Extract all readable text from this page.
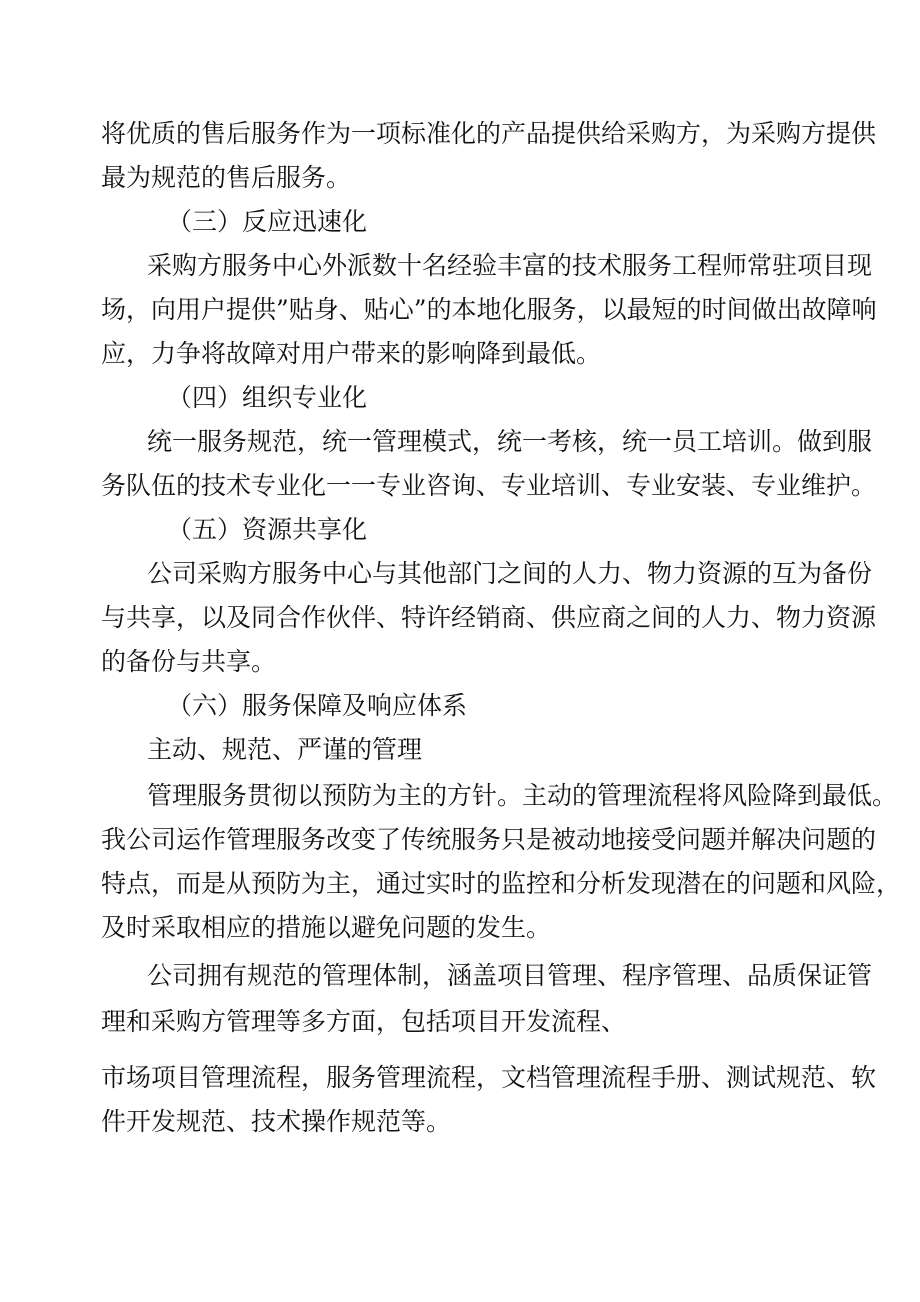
将优质的售后服务作为一项标准化的产品提供给采购方，为采购方提供

最为规范的售后服务。

（三）反应迅速化

采购方服务中心外派数十名经验丰富的技术服务工程师常驻项目现

场，向用户提供”贴身、贴心”的本地化服务，以最短的时间做出故障响

应，力争将故障对用户带来的影响降到最低。

（四）组织专业化

统一服务规范，统一管理模式，统一考核，统一员工培训。做到服

务队伍的技术专业化一一专业咨询、专业培训、专业安装、专业维护。

（五）资源共享化

公司采购方服务中心与其他部门之间的人力、物力资源的互为备份

与共享，以及同合作伙伴、特许经销商、供应商之间的人力、物力资源

的备份与共享。

（六）服务保障及响应体系

主动、规范、严谨的管理

管理服务贯彻以预防为主的方针。主动的管理流程将风险降到最低。

我公司运作管理服务改变了传统服务只是被动地接受问题并解决问题的

特点，而是从预防为主，通过实时的监控和分析发现潜在的问题和风险，

及时采取相应的措施以避免问题的发生。

公司拥有规范的管理体制，涵盖项目管理、程序管理、品质保证管

理和采购方管理等多方面，包括项目开发流程、

市场项目管理流程，服务管理流程，文档管理流程手册、测试规范、软

件开发规范、技术操作规范等。
